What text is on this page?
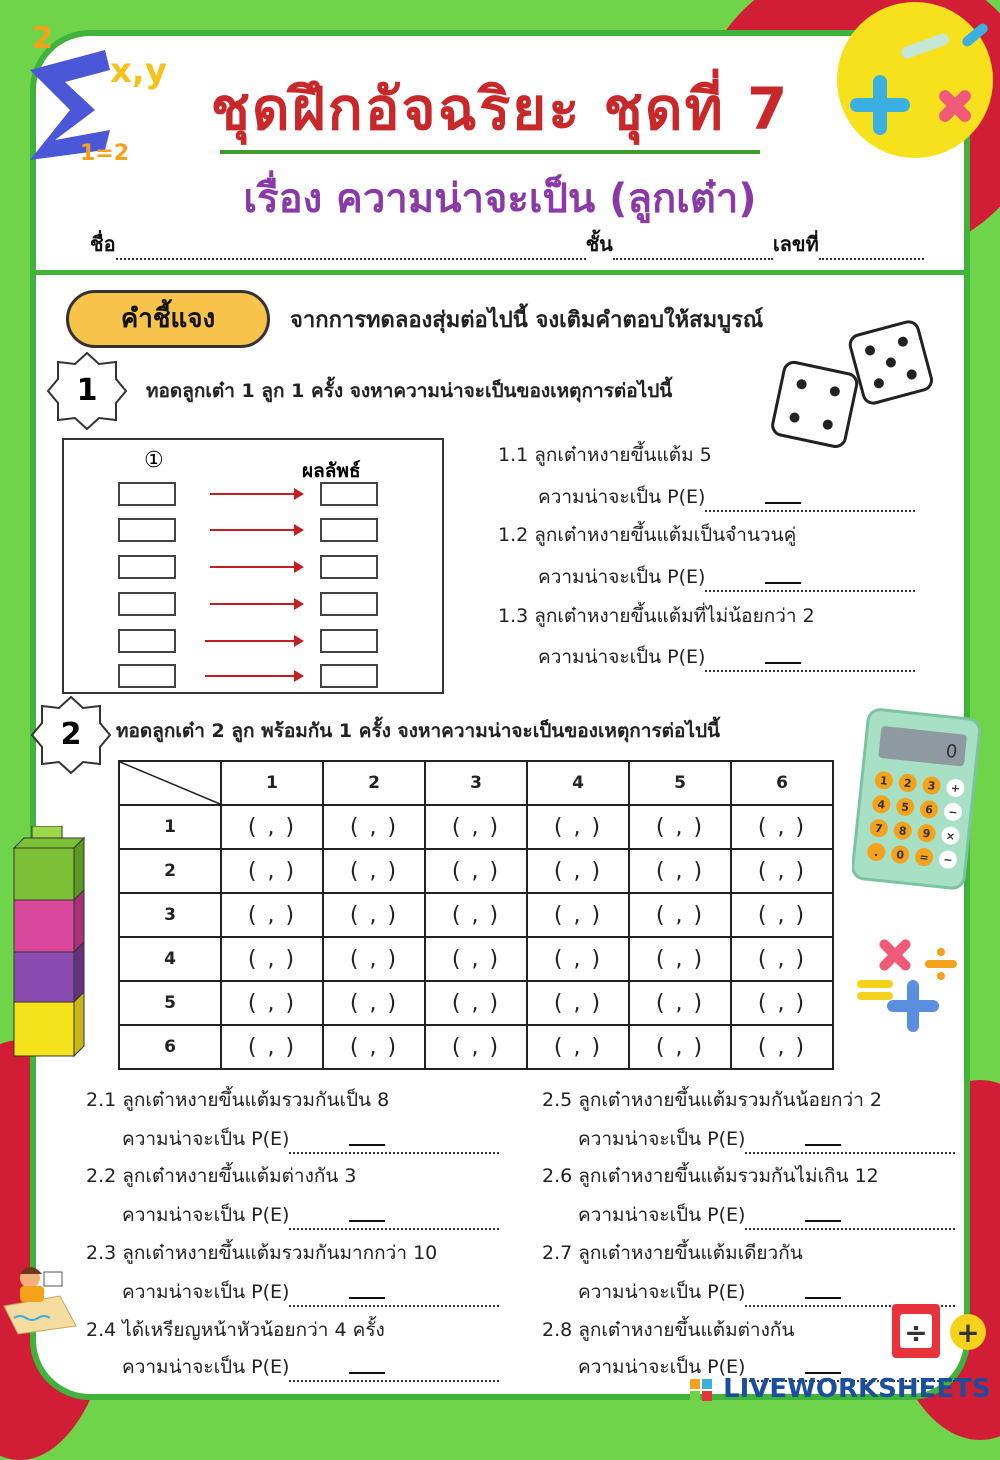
2
x,y
1=2
ชุดฝึกอัจฉริยะ ชุดที่ 7
เรื่อง ความน่าจะเป็น (ลูกเต๋า)
ชื่อ	ชั้น	เลขที่
คำชี้แจง	จากการทดลองสุ่มต่อไปนี้ จงเติมคำตอบให้สมบูรณ์
1	ทอดลูกเต๋า 1 ลูก 1 ครั้ง จงหาความน่าจะเป็นของเหตุการต่อไปนี้
①	ผลลัพธ์
1.1 ลูกเต๋าหงายขึ้นแต้ม 5
ความน่าจะเป็น P(E)
1.2 ลูกเต๋าหงายขึ้นแต้มเป็นจำนวนคู่
ความน่าจะเป็น P(E)
1.3 ลูกเต๋าหงายขึ้นแต้มที่ไม่น้อยกว่า 2
ความน่าจะเป็น P(E)
2	ทอดลูกเต๋า 2 ลูก พร้อมกัน 1 ครั้ง จงหาความน่าจะเป็นของเหตุการต่อไปนี้
	1	2	3	4	5	6
1	( , )	( , )	( , )	( , )	( , )	( , )
2	( , )	( , )	( , )	( , )	( , )	( , )
3	( , )	( , )	( , )	( , )	( , )	( , )
4	( , )	( , )	( , )	( , )	( , )	( , )
5	( , )	( , )	( , )	( , )	( , )	( , )
6	( , )	( , )	( , )	( , )	( , )	( , )
0
1 2 3 +
4 5 6 −
7 8 9 ×
. 0 = −
2.1 ลูกเต๋าหงายขึ้นแต้มรวมกันเป็น 8
ความน่าจะเป็น P(E)
2.2 ลูกเต๋าหงายขึ้นแต้มต่างกัน 3
ความน่าจะเป็น P(E)
2.3 ลูกเต๋าหงายขึ้นแต้มรวมกันมากกว่า 10
ความน่าจะเป็น P(E)
2.4 ได้เหรียญหน้าหัวน้อยกว่า 4 ครั้ง
ความน่าจะเป็น P(E)
2.5 ลูกเต๋าหงายขึ้นแต้มรวมกันน้อยกว่า 2
ความน่าจะเป็น P(E)
2.6 ลูกเต๋าหงายขึ้นแต้มรวมกันไม่เกิน 12
ความน่าจะเป็น P(E)
2.7 ลูกเต๋าหงายขึ้นแต้มเดียวกัน
ความน่าจะเป็น P(E)
2.8 ลูกเต๋าหงายขึ้นแต้มต่างกัน
ความน่าจะเป็น P(E)
÷ +
LIVEWORKSHEETS
